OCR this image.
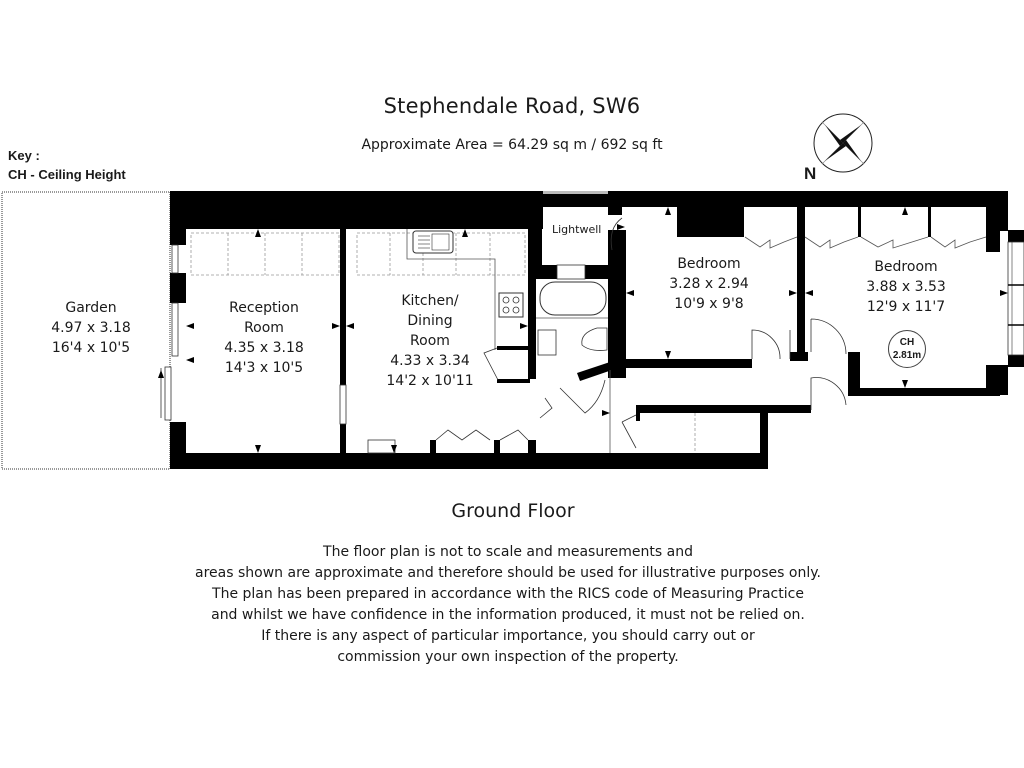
Stephendale Road, SW6
Approximate Area = 64.29 sq m / 692 sq ft
Key :
CH - Ceiling Height	N
Garden
4.97 x 3.18
16'4 x 10'5
Reception
Room
4.35 x 3.18
14'3 x 10'5
Kitchen/
Dining
Room
4.33 x 3.34
14'2 x 10'11
Bedroom
3.28 x 2.94
10'9 x 9'8
Bedroom
3.88 x 3.53
12'9 x 11'7
Lightwell
CH
2.81m
Ground Floor
The floor plan is not to scale and measurements and
areas shown are approximate and therefore should be used for illustrative purposes only.
The plan has been prepared in accordance with the RICS code of Measuring Practice
and whilst we have confidence in the information produced, it must not be relied on.
If there is any aspect of particular importance, you should carry out or
commission your own inspection of the property.
